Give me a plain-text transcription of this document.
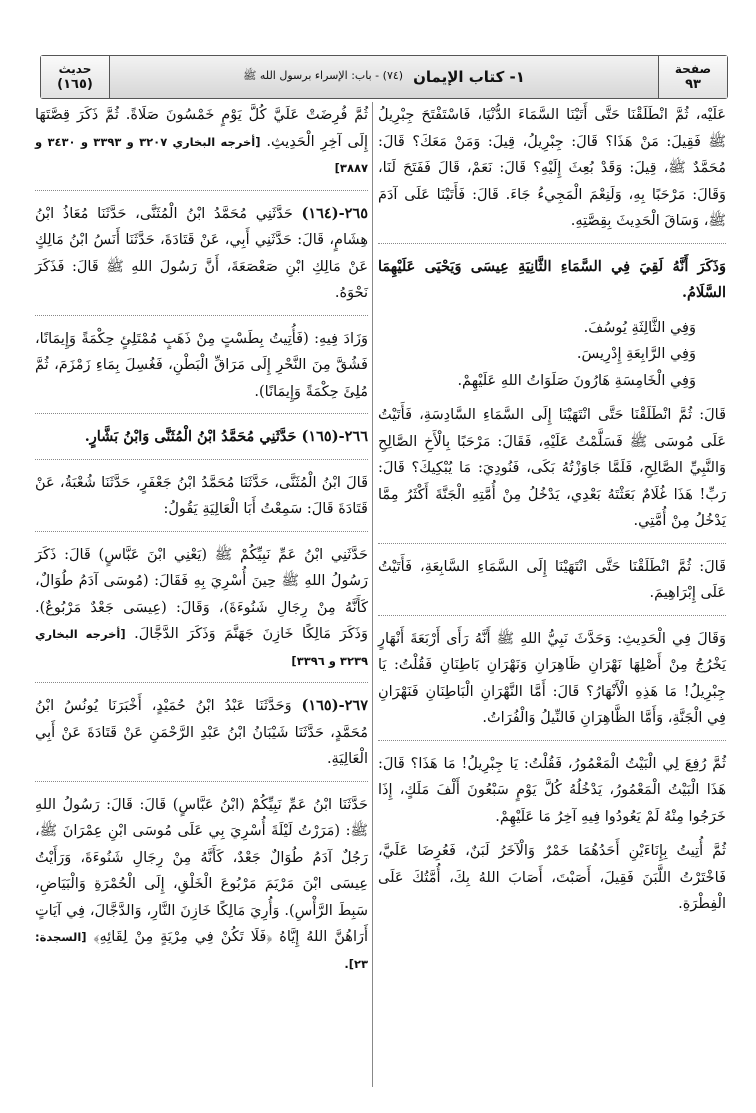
حديث
(١٦٥)	١- كتاب الإيمان
(٧٤) - باب: الإسراء برسول الله ﷺ	صفحة
٩٣

عَلَيْه، ثُمَّ انْطَلَقْنَا حَتَّى أَتَيْنَا السَّمَاءَ الدُّنْيَا، فَاسْتَفْتَحَ جِبْرِيلُ ﷺ فَقِيلَ: مَنْ هَذَا؟ قَالَ: جِبْرِيلُ، قِيلَ: وَمَنْ مَعَكَ؟ قَالَ: مُحَمَّدٌ ﷺ، قِيلَ: وَقَدْ بُعِثَ إِلَيْهِ؟ قَالَ: نَعَمْ، قَالَ فَفَتَحَ لَنَا، وَقَالَ: مَرْحَبًا بِهِ، وَلَنِعْمَ الْمَجِيءُ جَاءَ. قَالَ: فَأَتَيْنَا عَلَى آدَمَ ﷺ، وَسَاقَ الْحَدِيثَ بِقِصَّتِهِ.

وَذَكَرَ أَنَّهُ لَقِيَ فِي السَّمَاءِ الثَّانِيَةِ عِيسَى وَيَحْيَى عَلَيْهِمَا السَّلَامُ.

وَفِي الثَّالِثَةِ يُوسُفَ.
وَفِي الرَّابِعَةِ إِدْرِيسَ.
وَفِي الْخَامِسَةِ هَارُونَ صَلَوَاتُ اللهِ عَلَيْهِمْ.

قَالَ: ثُمَّ انْطَلَقْنَا حَتَّى انْتَهَيْنَا إِلَى السَّمَاءِ السَّادِسَةِ، فَأَتَيْتُ عَلَى مُوسَى ﷺ فَسَلَّمْتُ عَلَيْهِ، فَقَالَ: مَرْحَبًا بِالْأَخِ الصَّالِحِ وَالنَّبِيِّ الصَّالِحِ، فَلَمَّا جَاوَزْتُهُ بَكَى، فَنُودِيَ: مَا يُبْكِيكَ؟ قَالَ: رَبِّ! هَذَا غُلَامٌ بَعَثْتَهُ بَعْدِي، يَدْخُلُ مِنْ أُمَّتِهِ الْجَنَّةَ أَكْثَرُ مِمَّا يَدْخُلُ مِنْ أُمَّتِي.

قَالَ: ثُمَّ انْطَلَقْنَا حَتَّى انْتَهَيْنَا إِلَى السَّمَاءِ السَّابِعَةِ، فَأَتَيْتُ عَلَى إِبْرَاهِيمَ.

وَقَالَ فِي الْحَدِيثِ: وَحَدَّثَ نَبِيُّ اللهِ ﷺ أَنَّهُ رَأَى أَرْبَعَةَ أَنْهَارٍ يَخْرُجُ مِنْ أَصْلِهَا نَهْرَانِ ظَاهِرَانِ وَنَهْرَانِ بَاطِنَانِ فَقُلْتُ: يَا جِبْرِيلُ! مَا هَذِهِ الْأَنْهَارُ؟ قَالَ: أَمَّا النَّهْرَانِ الْبَاطِنَانِ فَنَهْرَانِ فِي الْجَنَّةِ، وَأَمَّا الظَّاهِرَانِ فَالنِّيلُ وَالْفُرَاتُ.

ثُمَّ رُفِعَ لِي الْبَيْتُ الْمَعْمُورُ، فَقُلْتُ: يَا جِبْرِيلُ! مَا هَذَا؟ قَالَ: هَذَا الْبَيْتُ الْمَعْمُورُ، يَدْخُلُهُ كُلَّ يَوْمٍ سَبْعُونَ أَلْفَ مَلَكٍ، إِذَا خَرَجُوا مِنْهُ لَمْ يَعُودُوا فِيهِ آخِرُ مَا عَلَيْهِمْ.

ثُمَّ أُتِيتُ بِإِنَاءَيْنِ أَحَدُهُمَا خَمْرٌ وَالْآخَرُ لَبَنٌ، فَعُرِضَا عَلَيَّ، فَاخْتَرْتُ اللَّبَنَ فَقِيلَ، أَصَبْتَ، أَصَابَ اللهُ بِكَ، أُمَّتُكَ عَلَى الْفِطْرَةِ.

ثُمَّ فُرِضَتْ عَلَيَّ كُلَّ يَوْمٍ خَمْسُونَ صَلَاةً. ثُمَّ ذَكَرَ قِصَّتَهَا إِلَى آخِرِ الْحَدِيثِ. [أخرجه البخاري ٣٢٠٧ و ٣٣٩٣ و ٣٤٣٠ و ٣٨٨٧]

٢٦٥-(١٦٤) حَدَّثَنِي مُحَمَّدُ ابْنُ الْمُثَنَّى، حَدَّثَنَا مُعَاذُ ابْنُ هِشَامٍ، قَالَ: حَدَّثَنِي أَبِي، عَنْ قَتَادَةَ، حَدَّثَنَا أَنَسُ ابْنُ مَالِكٍ عَنْ مَالِكِ ابْنِ صَعْصَعَةَ، أَنَّ رَسُولَ اللهِ ﷺ قَالَ: فَذَكَرَ نَحْوَهُ.

وَزَادَ فِيهِ: (فَأُتِيتُ بِطَسْتٍ مِنْ ذَهَبٍ مُمْتَلِئٍ حِكْمَةً وَإِيمَانًا، فَشُقَّ مِنَ النَّحْرِ إِلَى مَرَاقِّ الْبَطْنِ، فَغُسِلَ بِمَاءِ زَمْزَمَ، ثُمَّ مُلِئَ حِكْمَةً وَإِيمَانًا).

٢٦٦-(١٦٥) حَدَّثَنِي مُحَمَّدُ ابْنُ الْمُثَنَّى وَابْنُ بَشَّارٍ.

قَالَ ابْنُ الْمُثَنَّى، حَدَّثَنَا مُحَمَّدُ ابْنُ جَعْفَرٍ، حَدَّثَنَا شُعْبَةُ، عَنْ قَتَادَةَ قَالَ: سَمِعْتُ أَبَا الْعَالِيَةِ يَقُولُ:

حَدَّثَنِي ابْنُ عَمِّ نَبِيِّكُمْ ﷺ (يَعْنِي ابْنَ عَبَّاسٍ) قَالَ: ذَكَرَ رَسُولُ اللهِ ﷺ حِينَ أُسْرِيَ بِهِ فَقَالَ: (مُوسَى آدَمُ طُوَالٌ، كَأَنَّهُ مِنْ رِجَالِ شَنُوءَةَ)، وَقَالَ: (عِيسَى جَعْدٌ مَرْبُوعٌ). وَذَكَرَ مَالِكًا خَازِنَ جَهَنَّمَ وَذَكَرَ الدَّجَّالَ. [أخرجه البخاري ٣٢٣٩ و ٣٣٩٦]

٢٦٧-(١٦٥) وَحَدَّثَنَا عَبْدُ ابْنُ حُمَيْدٍ، أَخْبَرَنَا يُونُسُ ابْنُ مُحَمَّدٍ، حَدَّثَنَا شَيْبَانُ ابْنُ عَبْدِ الرَّحْمَنِ عَنْ قَتَادَةَ عَنْ أَبِي الْعَالِيَةِ.

حَدَّثَنَا ابْنُ عَمِّ نَبِيِّكُمْ (ابْنُ عَبَّاسٍ) قَالَ: قَالَ: رَسُولُ اللهِ ﷺ: (مَرَرْتُ لَيْلَةَ أُسْرِيَ بِي عَلَى مُوسَى ابْنِ عِمْرَانَ ﷺ، رَجُلٌ آدَمُ طُوَالٌ جَعْدٌ، كَأَنَّهُ مِنْ رِجَالِ شَنُوءَةَ، وَرَأَيْتُ عِيسَى ابْنَ مَرْيَمَ مَرْبُوعَ الْخَلْقِ، إِلَى الْحُمْرَةِ وَالْبَيَاضِ، سَبِطَ الرَّأْسِ). وَأُرِيَ مَالِكًا خَازِنَ النَّارِ، وَالدَّجَّالَ، فِي آيَاتٍ أَرَاهُنَّ اللهُ إِيَّاهُ ﴿فَلَا تَكُنْ فِي مِرْيَةٍ مِنْ لِقَائِهِ﴾ [السجدة: ٢٣].
